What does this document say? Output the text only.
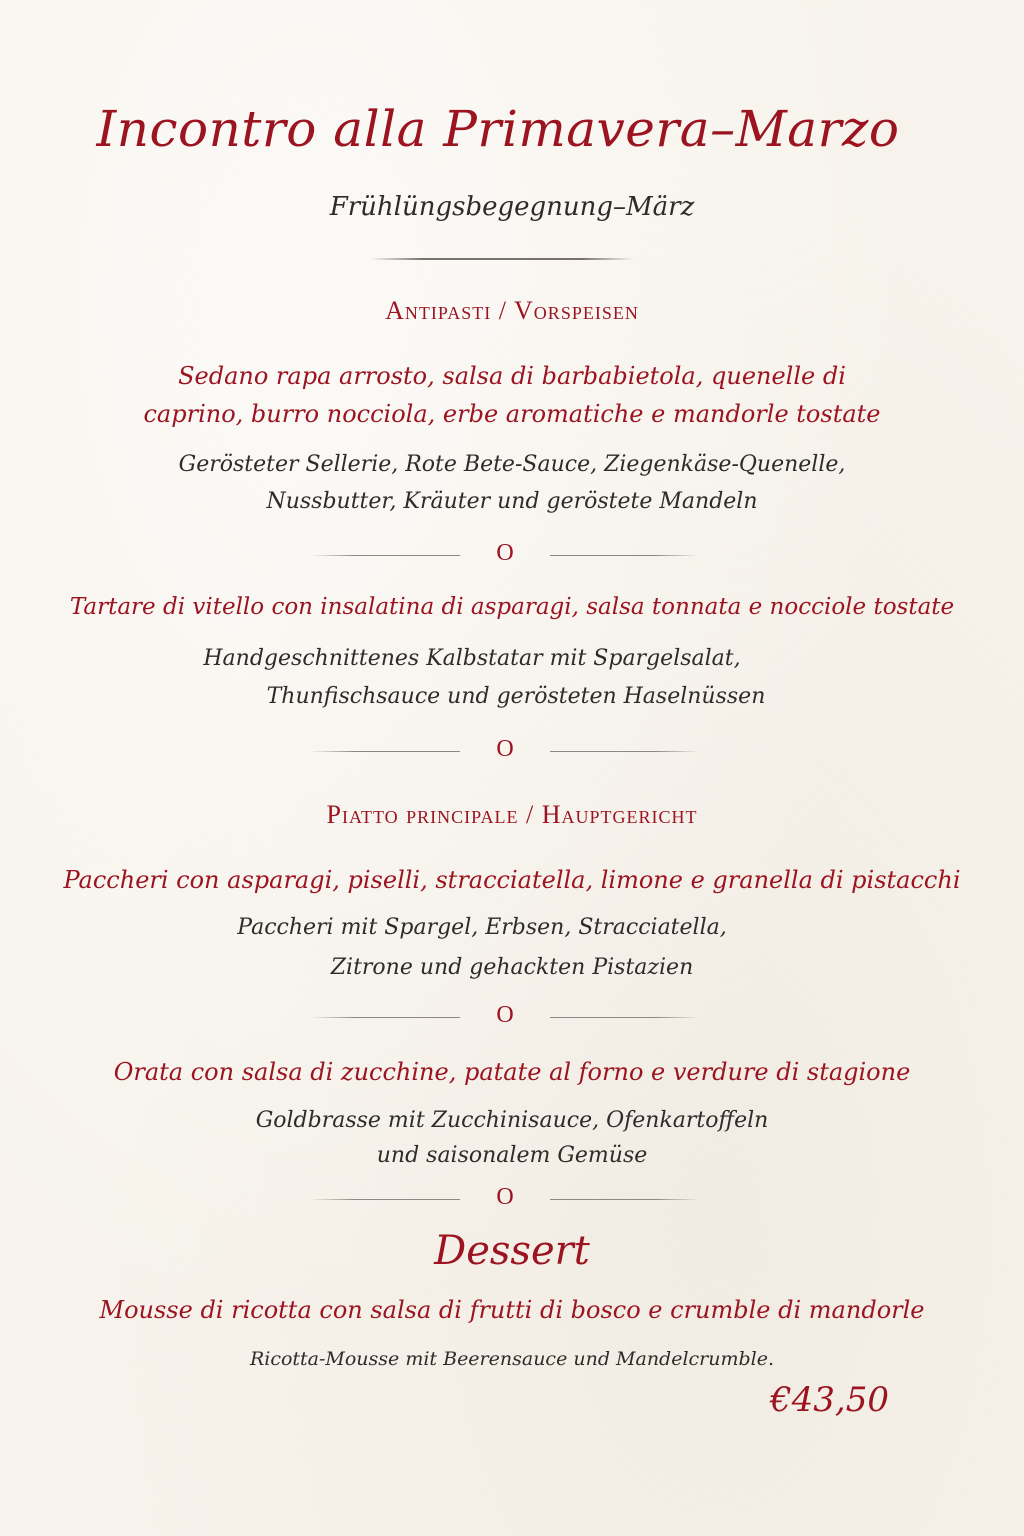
Incontro alla Primavera–Marzo
Frühlüngsbegegnung–März
Antipasti / Vorspeisen
Sedano rapa arrosto, salsa di barbabietola, quenelle di
caprino, burro nocciola, erbe aromatiche e mandorle tostate
Gerösteter Sellerie, Rote Bete-Sauce, Ziegenkäse-Quenelle,
Nussbutter, Kräuter und geröstete Mandeln
O
Tartare di vitello con insalatina di asparagi, salsa tonnata e nocciole tostate
Handgeschnittenes Kalbstatar mit Spargelsalat,
Thunfischsauce und gerösteten Haselnüssen
O
Piatto principale / Hauptgericht
Paccheri con asparagi, piselli, stracciatella, limone e granella di pistacchi
Paccheri mit Spargel, Erbsen, Stracciatella,
Zitrone und gehackten Pistazien
O
Orata con salsa di zucchine, patate al forno e verdure di stagione
Goldbrasse mit Zucchinisauce, Ofenkartoffeln
und saisonalem Gemüse
O
Dessert
Mousse di ricotta con salsa di frutti di bosco e crumble di mandorle
Ricotta-Mousse mit Beerensauce und Mandelcrumble.
€43,50
